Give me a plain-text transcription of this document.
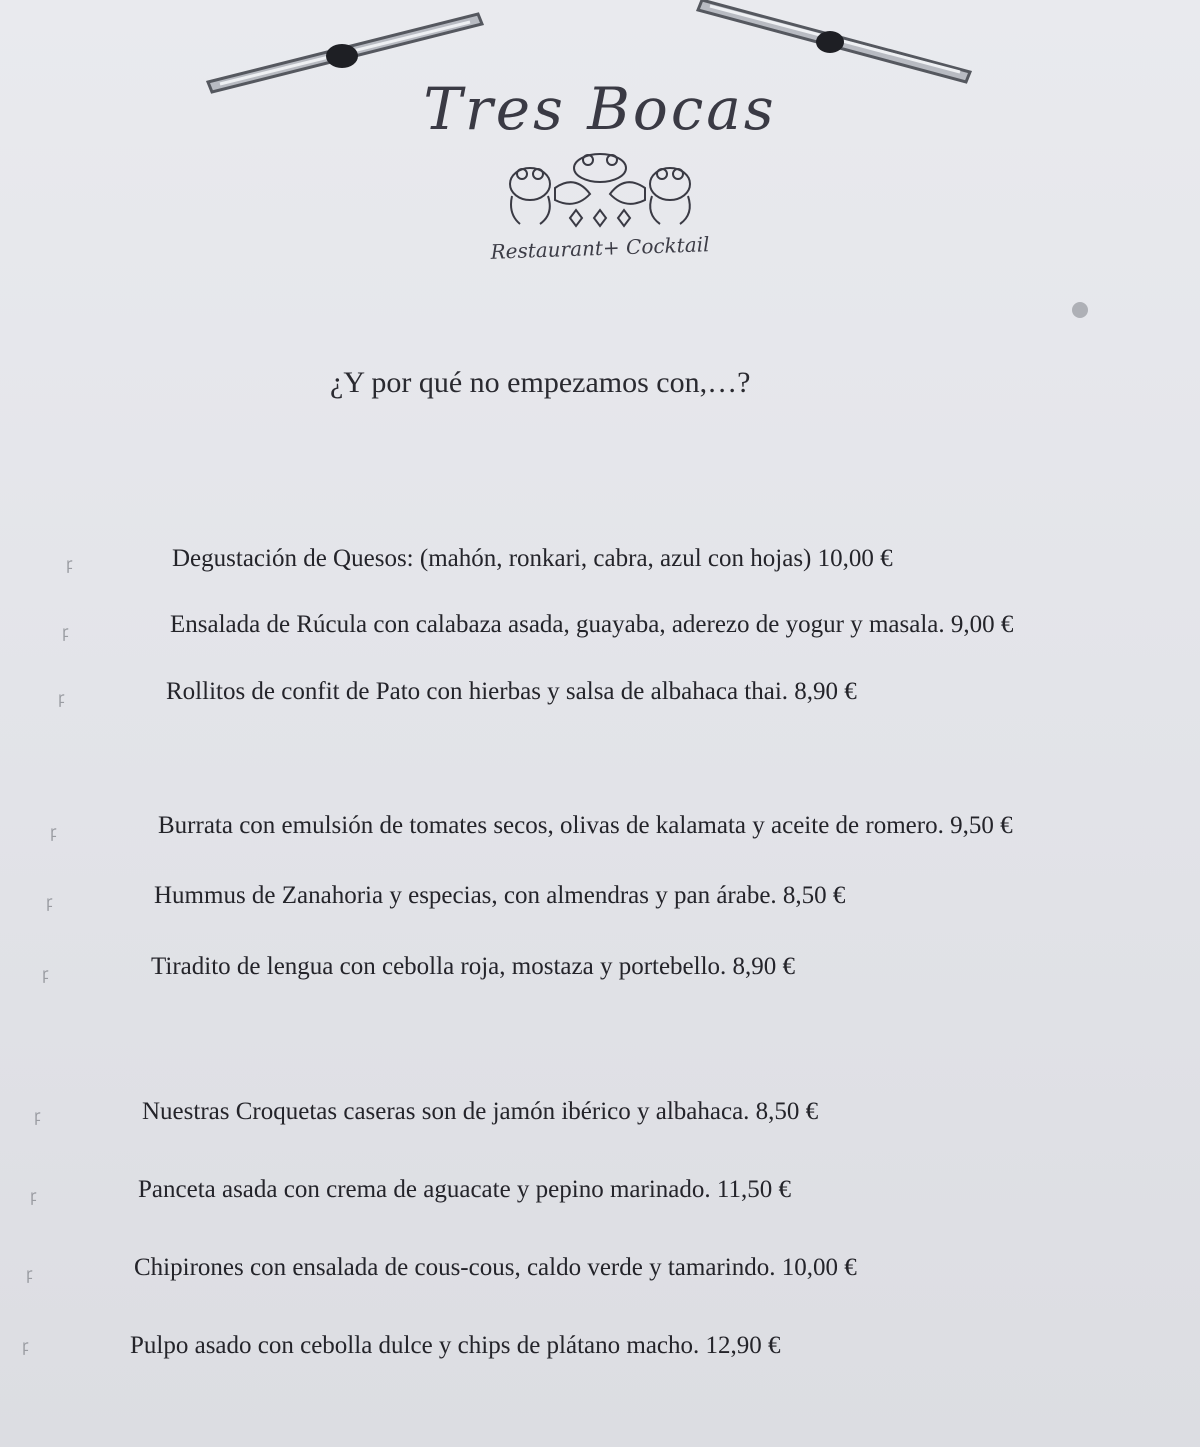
Tres Bocas
Restaurant+ Cocktail
¿Y por qué no empezamos con,…?
ꝼ	Degustación de Quesos: (mahón, ronkari, cabra, azul con hojas) 10,00 €
ꝼ	Ensalada de Rúcula con calabaza asada, guayaba, aderezo de yogur y masala. 9,00 €
ꝼ	Rollitos de confit de Pato con hierbas y salsa de albahaca thai. 8,90 €
ꝼ	Burrata con emulsión de tomates secos, olivas de kalamata y aceite de romero. 9,50 €
ꝼ	Hummus de Zanahoria y especias, con almendras y pan árabe. 8,50 €
ꝼ	Tiradito de lengua con cebolla roja, mostaza y portebello. 8,90 €
ꝼ	Nuestras Croquetas caseras son de jamón ibérico y albahaca. 8,50 €
ꝼ	Panceta asada con crema de aguacate y pepino marinado. 11,50 €
ꝼ	Chipirones con ensalada de cous-cous, caldo verde y tamarindo. 10,00 €
ꝼ	Pulpo asado con cebolla dulce y chips de plátano macho. 12,90 €
